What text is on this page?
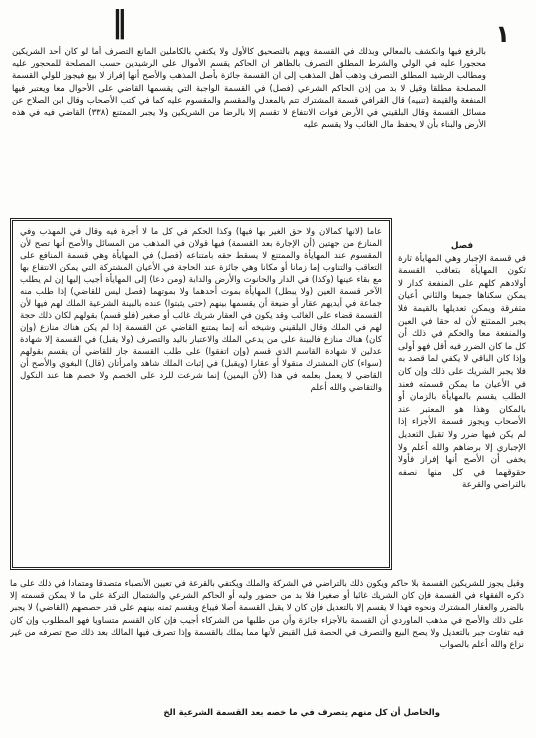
‖	١
بالرفع فيها وانكشف بالمعالي وبذلك في القسمة ويهم بالتصحيق كالأول ولا يكتفي بالكاملين المانع التصرف أما لو كان أحد الشريكين محجورا عليه في الولي والشرط المطلق التصرف بالظاهر ان الحاكم يقسم الأموال على الرشيدين حسب المصلحة للمحجور عليه ومطالب الرشيد المطلق التصرف وذهب أهل المذهب إلى ان القسمة جائزة بأصل المذهب والأصح أنها إفراز لا بيع فيجوز للولي القسمة المصلحة مطلقا وقيل لا بد من إذن الحاكم الشرعي (فصل) في القسمة الواجبة التي يقسمها القاضي على الأحوال معا ويعتبر فيها المنفعة والقيمة (تنبيه) قال القرافي قسمة المشترك تتم بالمعدل والمقسم والمقسوم عليه كما في كتب الأصحاب وقال ابن الصلاح عن مسائل القسمة وقال البلقيني في الأرض فوات الانتفاع لا تقسم إلا بالرضا من الشريكين ولا يجبر الممتنع (٣٣٨) القاضي فيه في هذه الأرض والبناء بأن لا يحفظ مال الغائب ولا يقسم عليه
عاما (لانها كمالان ولا حق الغير بها فيها) وكذا الحكم في كل ما لا أجرة فيه وقال في المهذب وفي المنازع من جهتين (أن الإجارة بعد القسمة) فيها قولان في المذهب من المسائل والأصح أنها تصح لأن المقسوم عند المهايأة والممتنع لا يسقط حقه بامتناعه (فصل) في المهايأة وهي قسمة المنافع على التعاقب والتناوب إما زمانا أو مكانا وهي جائزة عند الحاجة في الأعيان المشتركة التي يمكن الانتفاع بها مع بقاء عينها (وكذا) في الدار والحانوت والأرض والدابة (ومن دعا) إلى المهايأة أجيب إليها إن لم يطلب الآخر قسمة العين (ولا يبطل) المهايأة بموت أحدهما ولا بموتهما (فصل ليس للقاضي) إذا طلب منه جماعة في أيديهم عقار أو ضيعة أن يقسمها بينهم (حتى يثبتوا) عنده بالبينة الشرعية الملك لهم فيها لأن القسمة قضاء على الغائب وقد يكون في العقار شريك غائب أو صغير (فلو قسم) بقولهم لكان ذلك حجة لهم في الملك وقال البلقيني وشيخه أنه إنما يمتنع القاضي عن القسمة إذا لم يكن هناك منازع (وإن كان) هناك منازع فالبينة على من يدعي الملك والاعتبار باليد والتصرف (ولا يقبل) في القسمة إلا شهادة عدلين لا شهادة القاسم الذي قسم (وإن اتفقوا) على طلب القسمة جاز للقاضي أن يقسم بقولهم (سواء) كان المشترك منقولا أو عقارا (ويقبل) في إثبات الملك شاهد وامرأتان (قال) البغوي والأصح أن القاضي لا يعمل بعلمه في هذا (لأن اليمين) إنما شرعت للرد على الخصم ولا خصم هنا عند النكول والتقاضي والله أعلم
فصل
في قسمة الإجبار وهي المهايأة تارة تكون المهايأة بتعاقب القسمة أولادهم كلهم على المنفعة كدار لا يمكن سكناها جميعا والثاني أعيان متفرقة ويمكن تعديلها بالقيمة فلا يجبر الممتنع لأن له حقا في العين والمنفعة معا والحكم في ذلك أن كل ما كان الضرر فيه أقل فهو أولى وإذا كان الباقي لا يكفي لما قصد به فلا يجبر الشريك على ذلك وإن كان في الأعيان ما يمكن قسمته فعند الطلب يقسم بالمهايأة بالزمان أو بالمكان وهذا هو المعتبر عند الأصحاب ويجوز قسمة الأجزاء إذا لم يكن فيها ضرر ولا تقبل التعديل الإجباري إلا برضاهم والله أعلم ولا يخفى أن الأصح أنها إفراز فأولا حقوقهما في كل منها نصفه بالتراضي والقرعة
وقيل يجوز للشريكين القسمة بلا حاكم ويكون ذلك بالتراضي في الشركة والملك ويكتفي بالقرعة في تعيين الأنصباء متصدقا ومتمادا في ذلك على ما ذكره الفقهاء في القسمة فإن كان الشريك غائبا أو صغيرا فلا بد من حضور وليه أو الحاكم الشرعي والشتمال التركة على ما لا يمكن قسمته إلا بالضرر والعقار المشترك ونحوه فهذا لا يقسم إلا بالتعديل فإن كان لا يقبل القسمة أصلا فيباع ويقسم ثمنه بينهم على قدر حصصهم (القاضي) لا يجبر على ذلك والأصح في مذهب الماوردي أن القسمة بالأجزاء جائزة وأن من طلبها من الشركاء أجيب فإن كان القسم متساويا فهو المطلوب وإن كان فيه تفاوت جبر بالتعديل ولا يصح البيع والتصرف في الحصة قبل القبض لأنها مما يملك بالقسمة وإذا تصرف فيها المالك بعد ذلك صح تصرفه من غير نزاع والله أعلم بالصواب
والحاصل أن كل منهم يتصرف في ما خصه بعد القسمة الشرعية الخ
